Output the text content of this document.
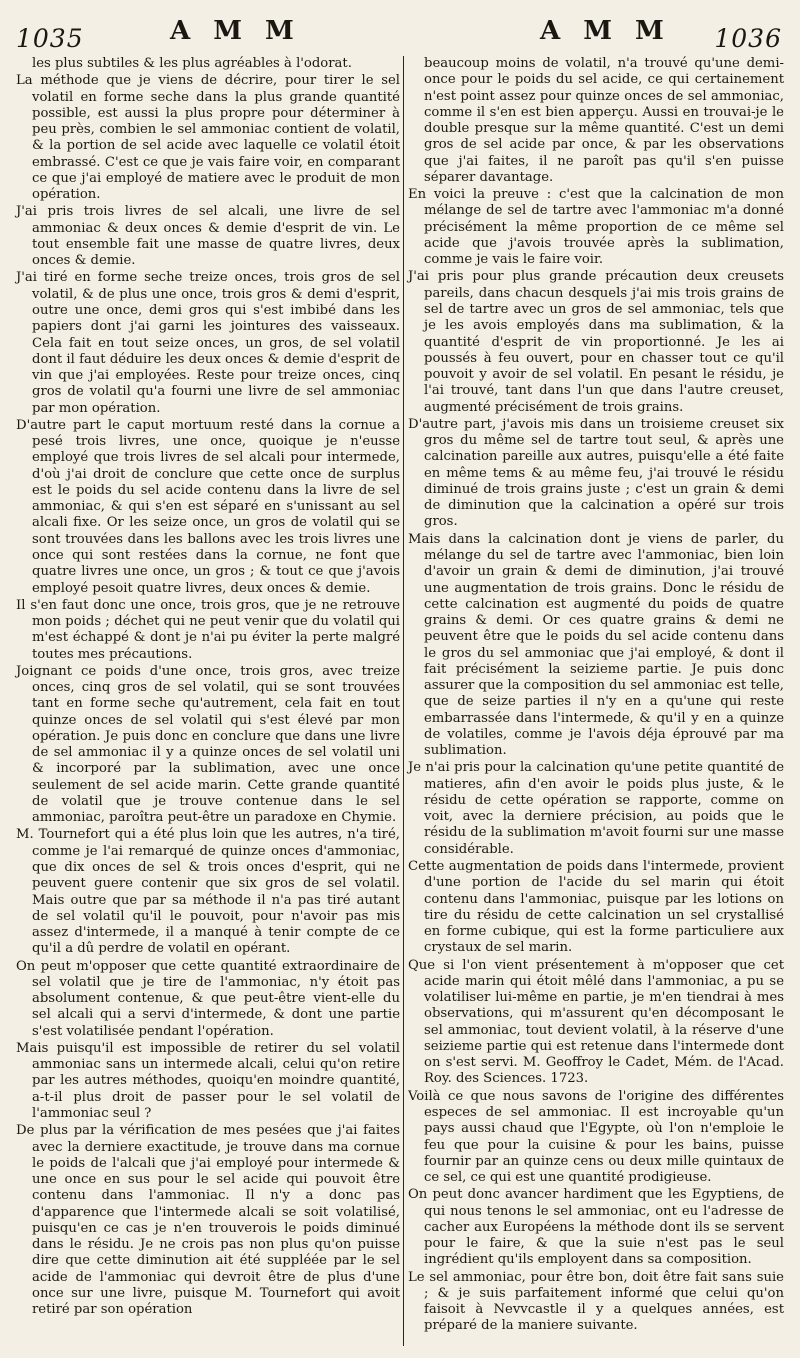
1035	A M M	A M M 1036

les plus subtiles & les plus agréables à l'odorat.

La méthode que je viens de décrire, pour tirer le sel volatil en forme seche dans la plus grande quantité possible, est aussi la plus propre pour déterminer à peu près, combien le sel ammoniac contient de volatil, & la portion de sel acide avec laquelle ce volatil étoit embrassé. C'est ce que je vais faire voir, en comparant ce que j'ai employé de matiere avec le produit de mon opération.

J'ai pris trois livres de sel alcali, une livre de sel ammoniac & deux onces & demie d'esprit de vin. Le tout ensemble fait une masse de quatre livres, deux onces & demie.

J'ai tiré en forme seche treize onces, trois gros de sel volatil, & de plus une once, trois gros & demi d'esprit, outre une once, demi gros qui s'est imbibé dans les papiers dont j'ai garni les jointures des vaisseaux. Cela fait en tout seize onces, un gros, de sel volatil dont il faut déduire les deux onces & demie d'esprit de vin que j'ai employées. Reste pour treize onces, cinq gros de volatil qu'a fourni une livre de sel ammoniac par mon opération.

D'autre part le caput mortuum resté dans la cornue a pesé trois livres, une once, quoique je n'eusse employé que trois livres de sel alcali pour intermede, d'où j'ai droit de conclure que cette once de surplus est le poids du sel acide contenu dans la livre de sel ammoniac, & qui s'en est séparé en s'unissant au sel alcali fixe. Or les seize once, un gros de volatil qui se sont trouvées dans les ballons avec les trois livres une once qui sont restées dans la cornue, ne font que quatre livres une once, un gros ; & tout ce que j'avois employé pesoit quatre livres, deux onces & demie.

Il s'en faut donc une once, trois gros, que je ne retrouve mon poids ; déchet qui ne peut venir que du volatil qui m'est échappé & dont je n'ai pu éviter la perte malgré toutes mes précautions.

Joignant ce poids d'une once, trois gros, avec treize onces, cinq gros de sel volatil, qui se sont trouvées tant en forme seche qu'autrement, cela fait en tout quinze onces de sel volatil qui s'est élevé par mon opération. Je puis donc en conclure que dans une livre de sel ammoniac il y a quinze onces de sel volatil uni & incorporé par la sublimation, avec une once seulement de sel acide marin. Cette grande quantité de volatil que je trouve contenue dans le sel ammoniac, paroîtra peut-être un paradoxe en Chymie.

M. Tournefort qui a été plus loin que les autres, n'a tiré, comme je l'ai remarqué de quinze onces d'ammoniac, que dix onces de sel & trois onces d'esprit, qui ne peuvent guere contenir que six gros de sel volatil. Mais outre que par sa méthode il n'a pas tiré autant de sel volatil qu'il le pouvoit, pour n'avoir pas mis assez d'intermede, il a manqué à tenir compte de ce qu'il a dû perdre de volatil en opérant.

On peut m'opposer que cette quantité extraordinaire de sel volatil que je tire de l'ammoniac, n'y étoit pas absolument contenue, & que peut-être vient-elle du sel alcali qui a servi d'intermede, & dont une partie s'est volatilisée pendant l'opération.

Mais puisqu'il est impossible de retirer du sel volatil ammoniac sans un intermede alcali, celui qu'on retire par les autres méthodes, quoiqu'en moindre quantité, a-t-il plus droit de passer pour le sel volatil de l'ammoniac seul ?

De plus par la vérification de mes pesées que j'ai faites avec la derniere exactitude, je trouve dans ma cornue le poids de l'alcali que j'ai employé pour intermede & une once en sus pour le sel acide qui pouvoit être contenu dans l'ammoniac. Il n'y a donc pas d'apparence que l'intermede alcali se soit volatilisé, puisqu'en ce cas je n'en trouverois le poids diminué dans le résidu. Je ne crois pas non plus qu'on puisse dire que cette diminution ait été suppléée par le sel acide de l'ammoniac qui devroit être de plus d'une once sur une livre, puisque M. Tournefort qui avoit retiré par son opération

beaucoup moins de volatil, n'a trouvé qu'une demi-once pour le poids du sel acide, ce qui certainement n'est point assez pour quinze onces de sel ammoniac, comme il s'en est bien apperçu. Aussi en trouvai-je le double presque sur la même quantité. C'est un demi gros de sel acide par once, & par les observations que j'ai faites, il ne paroît pas qu'il s'en puisse séparer davantage.

En voici la preuve : c'est que la calcination de mon mélange de sel de tartre avec l'ammoniac m'a donné précisément la même proportion de ce même sel acide que j'avois trouvée après la sublimation, comme je vais le faire voir.

J'ai pris pour plus grande précaution deux creusets pareils, dans chacun desquels j'ai mis trois grains de sel de tartre avec un gros de sel ammoniac, tels que je les avois employés dans ma sublimation, & la quantité d'esprit de vin proportionné. Je les ai poussés à feu ouvert, pour en chasser tout ce qu'il pouvoit y avoir de sel volatil. En pesant le résidu, je l'ai trouvé, tant dans l'un que dans l'autre creuset, augmenté précisément de trois grains.

D'autre part, j'avois mis dans un troisieme creuset six gros du même sel de tartre tout seul, & après une calcination pareille aux autres, puisqu'elle a été faite en même tems & au même feu, j'ai trouvé le résidu diminué de trois grains juste ; c'est un grain & demi de diminution que la calcination a opéré sur trois gros.

Mais dans la calcination dont je viens de parler, du mélange du sel de tartre avec l'ammoniac, bien loin d'avoir un grain & demi de diminution, j'ai trouvé une augmentation de trois grains. Donc le résidu de cette calcination est augmenté du poids de quatre grains & demi. Or ces quatre grains & demi ne peuvent être que le poids du sel acide contenu dans le gros du sel ammoniac que j'ai employé, & dont il fait précisément la seizieme partie. Je puis donc assurer que la composition du sel ammoniac est telle, que de seize parties il n'y en a qu'une qui reste embarrassée dans l'intermede, & qu'il y en a quinze de volatiles, comme je l'avois déja éprouvé par ma sublimation.

Je n'ai pris pour la calcination qu'une petite quantité de matieres, afin d'en avoir le poids plus juste, & le résidu de cette opération se rapporte, comme on voit, avec la derniere précision, au poids que le résidu de la sublimation m'avoit fourni sur une masse considérable.

Cette augmentation de poids dans l'intermede, provient d'une portion de l'acide du sel marin qui étoit contenu dans l'ammoniac, puisque par les lotions on tire du résidu de cette calcination un sel crystallisé en forme cubique, qui est la forme particuliere aux crystaux de sel marin.

Que si l'on vient présentement à m'opposer que cet acide marin qui étoit mêlé dans l'ammoniac, a pu se volatiliser lui-même en partie, je m'en tiendrai à mes observations, qui m'assurent qu'en décomposant le sel ammoniac, tout devient volatil, à la réserve d'une seizieme partie qui est retenue dans l'intermede dont on s'est servi. M. Geoffroy le Cadet, Mém. de l'Acad. Roy. des Sciences. 1723.

Voilà ce que nous savons de l'origine des différentes especes de sel ammoniac. Il est incroyable qu'un pays aussi chaud que l'Egypte, où l'on n'emploie le feu que pour la cuisine & pour les bains, puisse fournir par an quinze cens ou deux mille quintaux de ce sel, ce qui est une quantité prodigieuse.

On peut donc avancer hardiment que les Egyptiens, de qui nous tenons le sel ammoniac, ont eu l'adresse de cacher aux Européens la méthode dont ils se servent pour le faire, & que la suie n'est pas le seul ingrédient qu'ils employent dans sa composition.

Le sel ammoniac, pour être bon, doit être fait sans suie ; & je suis parfaitement informé que celui qu'on faisoit à Nevvcastle il y a quelques années, est préparé de la maniere suivante.
